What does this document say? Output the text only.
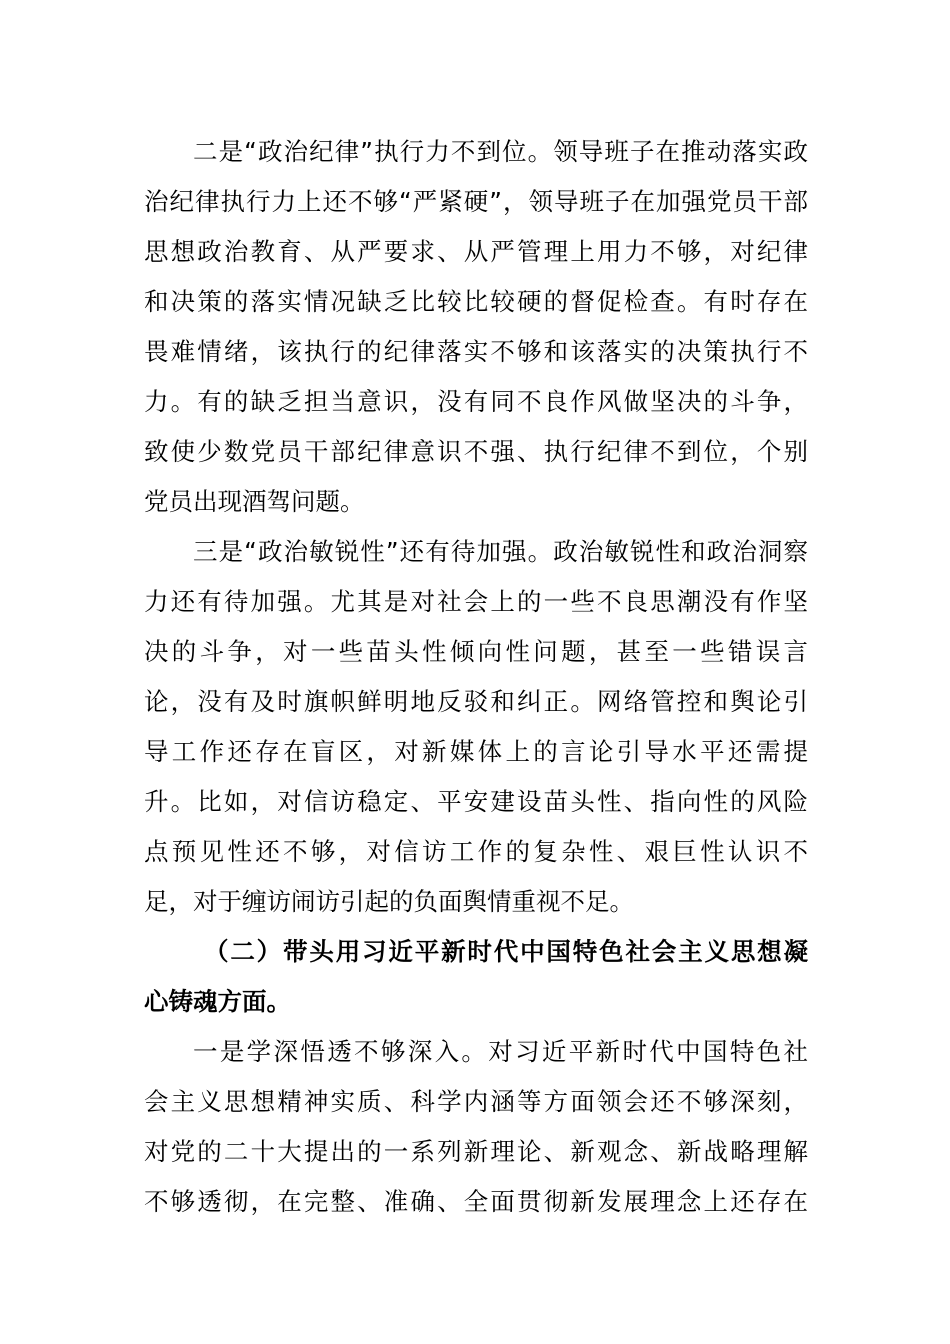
二是“政治纪律”执行力不到位。领导班子在推动落实政
治纪律执行力上还不够“严紧硬”，领导班子在加强党员干部
思想政治教育、从严要求、从严管理上用力不够，对纪律
和决策的落实情况缺乏比较比较硬的督促检查。有时存在
畏难情绪，该执行的纪律落实不够和该落实的决策执行不
力。有的缺乏担当意识，没有同不良作风做坚决的斗争，
致使少数党员干部纪律意识不强、执行纪律不到位，个别
党员出现酒驾问题。
三是“政治敏锐性”还有待加强。政治敏锐性和政治洞察
力还有待加强。尤其是对社会上的一些不良思潮没有作坚
决的斗争，对一些苗头性倾向性问题，甚至一些错误言
论，没有及时旗帜鲜明地反驳和纠正。网络管控和舆论引
导工作还存在盲区，对新媒体上的言论引导水平还需提
升。比如，对信访稳定、平安建设苗头性、指向性的风险
点预见性还不够，对信访工作的复杂性、艰巨性认识不
足，对于缠访闹访引起的负面舆情重视不足。
（二）带头用习近平新时代中国特色社会主义思想凝
心铸魂方面。
一是学深悟透不够深入。对习近平新时代中国特色社
会主义思想精神实质、科学内涵等方面领会还不够深刻，
对党的二十大提出的一系列新理论、新观念、新战略理解
不够透彻，在完整、准确、全面贯彻新发展理念上还存在
